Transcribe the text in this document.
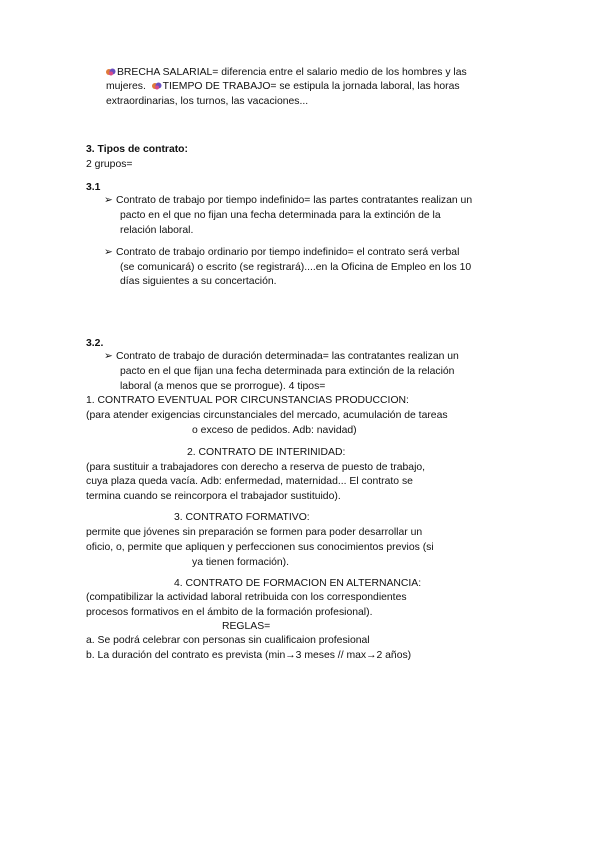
BRECHA SALARIAL= diferencia entre el salario medio de los hombres y las
mujeres. TIEMPO DE TRABAJO= se estipula la jornada laboral, las horas
extraordinarias, los turnos, las vacaciones...
3. Tipos de contrato:
2 grupos=
3.1
➢ Contrato de trabajo por tiempo indefinido= las partes contratantes realizan un
pacto en el que no fijan una fecha determinada para la extinción de la
relación laboral.
➢ Contrato de trabajo ordinario por tiempo indefinido= el contrato será verbal
(se comunicará) o escrito (se registrará)....en la Oficina de Empleo en los 10
días siguientes a su concertación.
3.2.
➢ Contrato de trabajo de duración determinada= las contratantes realizan un
pacto en el que fijan una fecha determinada para extinción de la relación
laboral (a menos que se prorrogue). 4 tipos=
1. CONTRATO EVENTUAL POR CIRCUNSTANCIAS PRODUCCION:
(para atender exigencias circunstanciales del mercado, acumulación de tareas
o exceso de pedidos. Adb: navidad)
2. CONTRATO DE INTERINIDAD:
(para sustituir a trabajadores con derecho a reserva de puesto de trabajo,
cuya plaza queda vacía. Adb: enfermedad, maternidad... El contrato se
termina cuando se reincorpora el trabajador sustituido).
3. CONTRATO FORMATIVO:
permite que jóvenes sin preparación se formen para poder desarrollar un
oficio, o, permite que apliquen y perfeccionen sus conocimientos previos (si
ya tienen formación).
4. CONTRATO DE FORMACION EN ALTERNANCIA:
(compatibilizar la actividad laboral retribuida con los correspondientes
procesos formativos en el ámbito de la formación profesional).
REGLAS=
a. Se podrá celebrar con personas sin cualificaion profesional
b. La duración del contrato es prevista (min→3 meses // max→2 años)
